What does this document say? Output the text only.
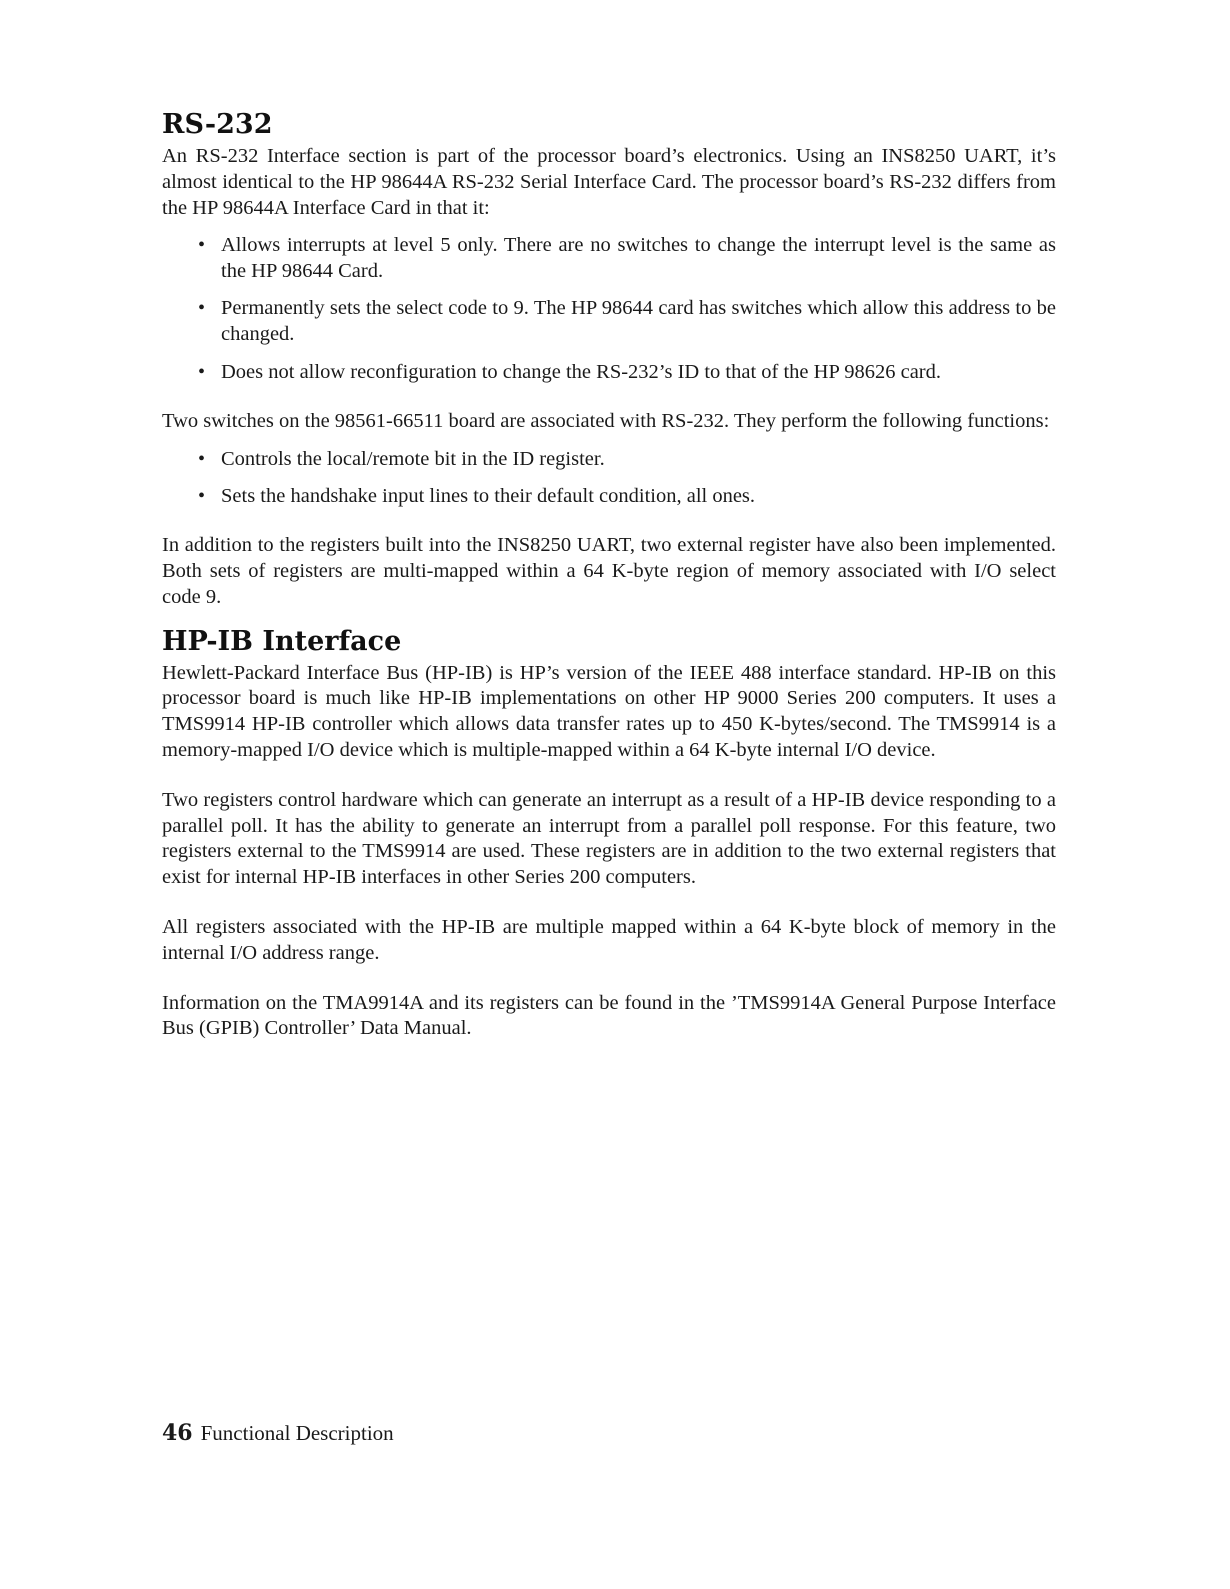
RS-232

An RS-232 Interface section is part of the processor board’s electronics. Using an INS8250 UART, it’s almost identical to the HP 98644A RS-232 Serial Interface Card. The processor board’s RS-232 differs from the HP 98644A Interface Card in that it:

• Allows interrupts at level 5 only. There are no switches to change the interrupt level is the same as the HP 98644 Card.
• Permanently sets the select code to 9. The HP 98644 card has switches which allow this address to be changed.
• Does not allow reconfiguration to change the RS-232’s ID to that of the HP 98626 card.

Two switches on the 98561-66511 board are associated with RS-232. They perform the following functions:

• Controls the local/remote bit in the ID register.
• Sets the handshake input lines to their default condition, all ones.

In addition to the registers built into the INS8250 UART, two external register have also been implemented. Both sets of registers are multi-mapped within a 64 K-byte region of memory associated with I/O select code 9.

HP-IB Interface

Hewlett-Packard Interface Bus (HP-IB) is HP’s version of the IEEE 488 interface standard. HP-IB on this processor board is much like HP-IB implementations on other HP 9000 Series 200 computers. It uses a TMS9914 HP-IB controller which allows data transfer rates up to 450 K-bytes/second. The TMS9914 is a memory-mapped I/O device which is multiple-mapped within a 64 K-byte internal I/O device.

Two registers control hardware which can generate an interrupt as a result of a HP-IB device responding to a parallel poll. It has the ability to generate an interrupt from a parallel poll response. For this feature, two registers external to the TMS9914 are used. These registers are in addition to the two external registers that exist for internal HP-IB interfaces in other Series 200 computers.

All registers associated with the HP-IB are multiple mapped within a 64 K-byte block of memory in the internal I/O address range.

Information on the TMA9914A and its registers can be found in the ’TMS9914A General Purpose Interface Bus (GPIB) Controller’ Data Manual.

46 Functional Description
